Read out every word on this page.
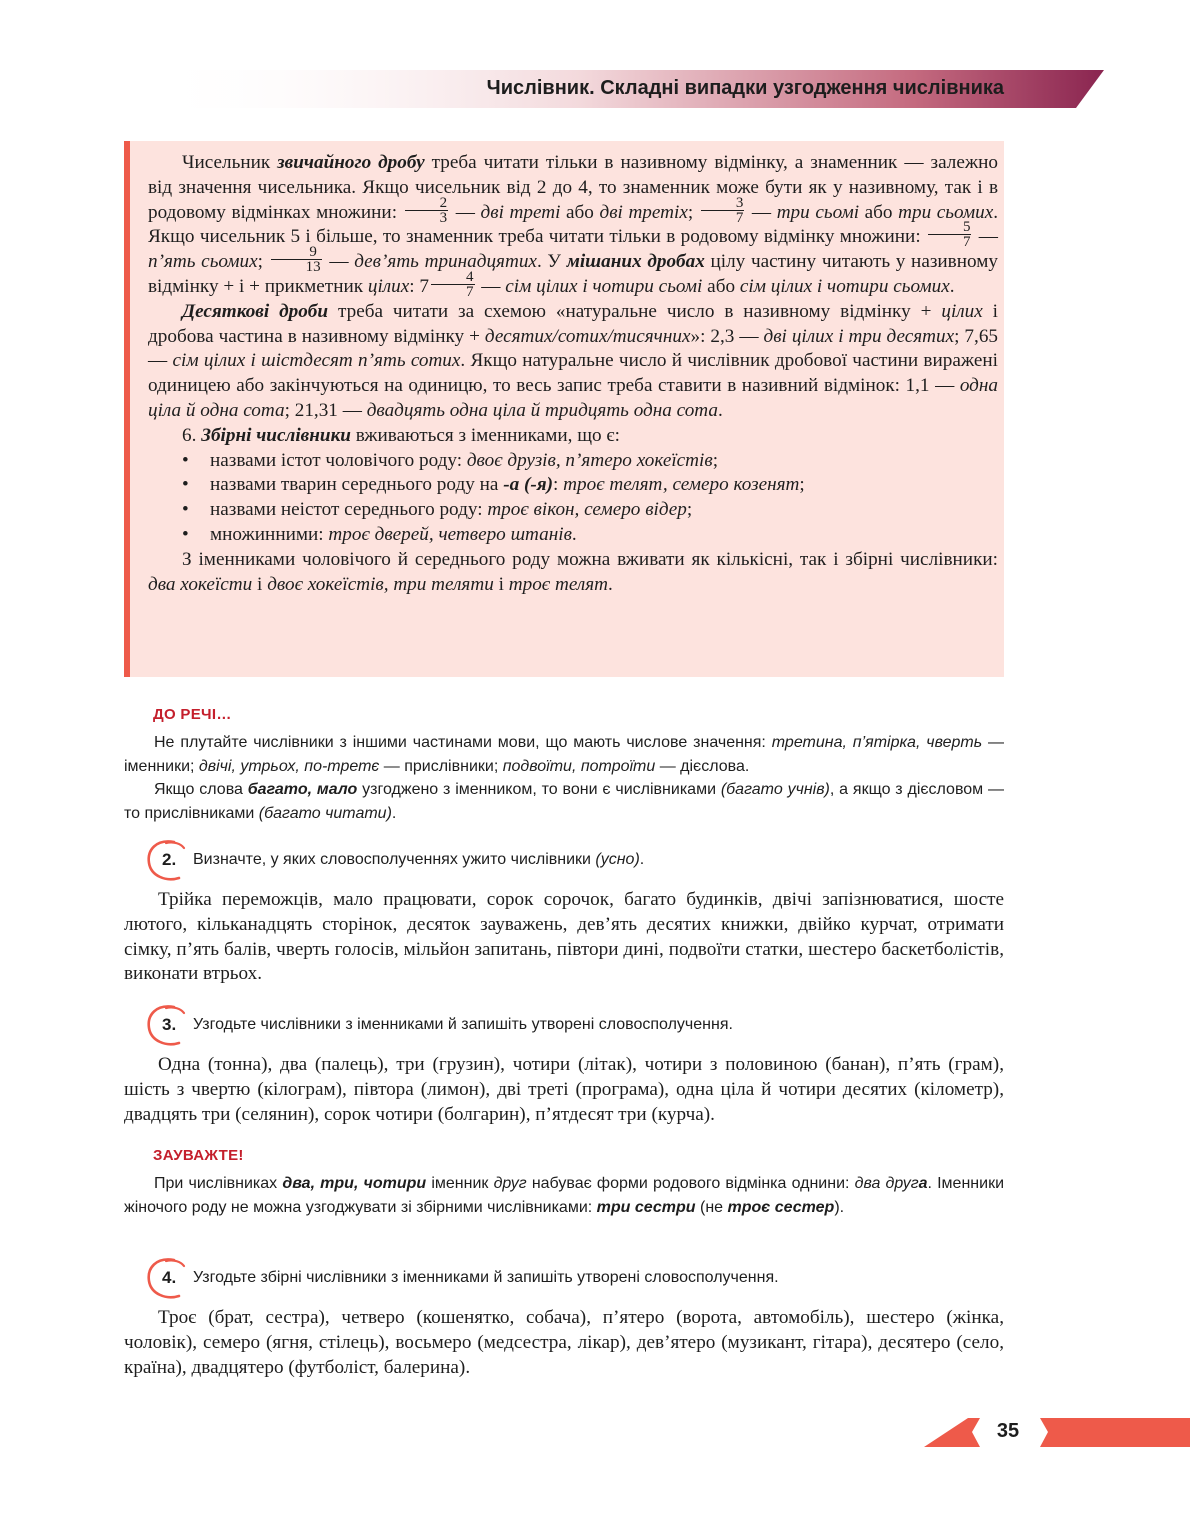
Числівник. Складні випадки узгодження числівника

Чисельник звичайного дробу треба читати тільки в називному відмінку, а знаменник — залежно від значення чисельника. Якщо чисельник від 2 до 4, то знаменник може бути як у називному, так і в родовому відмінках множини: $\frac{2}{3}$ — дві треті або дві третіх; $\frac{3}{7}$ — три сьомі або три сьомих. Якщо чисельник 5 і більше, то знаменник треба читати тільки в родовому відмінку множини: $\frac{5}{7}$ — п’ять сьомих; $\frac{9}{13}$ — дев’ять тринадцятих. У мішаних дробах цілу частину читають у називному відмінку + і + прикметник цілих: $7 \frac{4}{7}$ — сім цілих і чотири сьомі або сім цілих і чотири сьомих.

Десяткові дроби треба читати за схемою «натуральне число в називному відмінку + цілих і дробова частина в називному відмінку + десятих/сотих/тисячних»: 2,3 — дві цілих і три десятих; 7,65 — сім цілих і шістдесят п’ять сотих. Якщо натуральне число й числівник дробової частини виражені одиницею або закінчуються на одиницю, то весь запис треба ставити в називний відмінок: 1,1 — одна ціла й одна сота; 21,31 — двадцять одна ціла й тридцять одна сота.

6. Збірні числівники вживаються з іменниками, що є:

• назвами істот чоловічого роду: двоє друзів, п’ятеро хокеїстів;

• назвами тварин середнього роду на -а (-я): троє телят, семеро козенят;

• назвами неістот середнього роду: троє вікон, семеро відер;

• множинними: троє дверей, четверо штанів.

З іменниками чоловічого й середнього роду можна вживати як кількісні, так і збірні числівники: два хокеїсти і двоє хокеїстів, три теляти і троє телят.

ДО РЕЧІ…

Не плутайте числівники з іншими частинами мови, що мають числове значення: третина, п’ятірка, чверть — іменники; двічі, утрьох, по-третє — прислівники; подвоїти, потроїти — дієслова.

Якщо слова багато, мало узгоджено з іменником, то вони є числівниками (багато учнів), а якщо з дієсловом — то прислівниками (багато читати).

2. Визначте, у яких словосполученнях ужито числівники (усно).

Трійка переможців, мало працювати, сорок сорочок, багато будинків, двічі запізнюватися, шосте лютого, кільканадцять сторінок, десяток зауважень, дев’ять десятих книжки, двійко курчат, отримати сімку, п’ять балів, чверть голосів, мільйон запитань, півтори дині, подвоїти статки, шестеро баскетболістів, виконати втрьох.

3. Узгодьте числівники з іменниками й запишіть утворені словосполучення.

Одна (тонна), два (палець), три (грузин), чотири (літак), чотири з половиною (банан), п’ять (грам), шість з чвертю (кілограм), півтора (лимон), дві треті (програма), одна ціла й чотири десятих (кілометр), двадцять три (селянин), сорок чотири (болгарин), п’ятдесят три (курча).

ЗАУВАЖТЕ!

При числівниках два, три, чотири іменник друг набуває форми родового відмінка однини: два друга. Іменники жіночого роду не можна узгоджувати зі збірними числівниками: три сестри (не троє сестер).

4. Узгодьте збірні числівники з іменниками й запишіть утворені словосполучення.

Троє (брат, сестра), четверо (кошенятко, собача), п’ятеро (ворота, автомобіль), шестеро (жінка, чоловік), семеро (ягня, стілець), восьмеро (медсестра, лікар), дев’ятеро (музикант, гітара), десятеро (село, країна), двадцятеро (футболіст, балерина).

35
